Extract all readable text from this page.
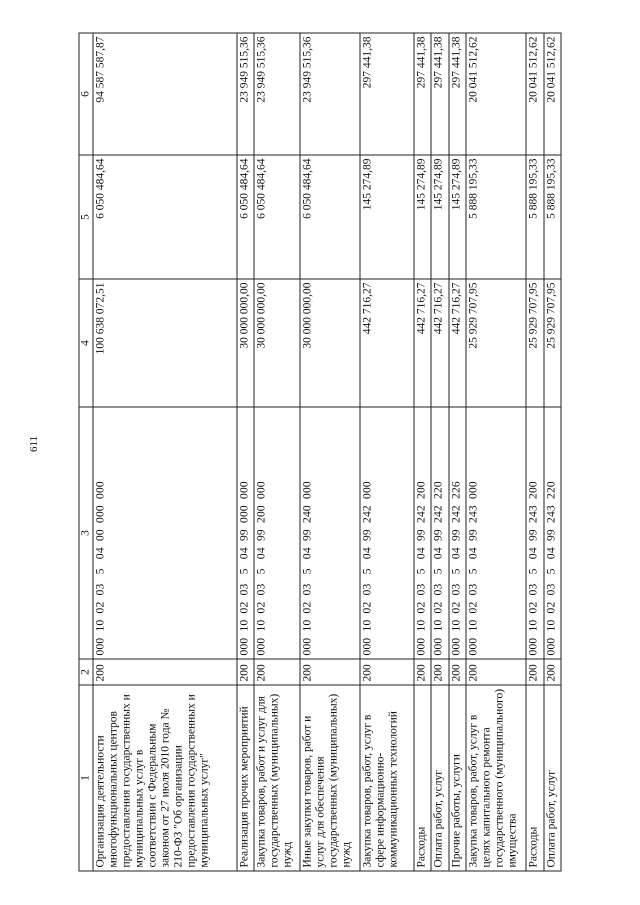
611
1	2	3	4	5	6
Организация деятельности многофункциональных центров предоставления государственных и муниципальных услуг в соответствии с Федеральным законом от 27 июля 2010 года № 210-ФЗ "Об организации предоставления государственных и муниципальных услуг"	200	000  10  02  03   5   04  00  000  000	100 638 072,51	6 050 484,64	94 587 587,87
Реализация прочих мероприятий	200	000  10  02  03   5   04  99  000  000	30 000 000,00	6 050 484,64	23 949 515,36
Закупка товаров, работ и услуг для государственных (муниципальных) нужд	200	000  10  02  03   5   04  99  200  000	30 000 000,00	6 050 484,64	23 949 515,36
Иные закупки товаров, работ и услуг для обеспечения государственных (муниципальных) нужд	200	000  10  02  03   5   04  99  240  000	30 000 000,00	6 050 484,64	23 949 515,36
Закупка товаров, работ, услуг в сфере информационно-коммуникационных технологий	200	000  10  02  03   5   04  99  242  000	442 716,27	145 274,89	297 441,38
Расходы	200	000  10  02  03   5   04  99  242  200	442 716,27	145 274,89	297 441,38
Оплата работ, услуг	200	000  10  02  03   5   04  99  242  220	442 716,27	145 274,89	297 441,38
Прочие работы, услуги	200	000  10  02  03   5   04  99  242  226	442 716,27	145 274,89	297 441,38
Закупка товаров, работ, услуг в целях капитального ремонта государственного (муниципального) имущества	200	000  10  02  03   5   04  99  243  000	25 929 707,95	5 888 195,33	20 041 512,62
Расходы	200	000  10  02  03   5   04  99  243  200	25 929 707,95	5 888 195,33	20 041 512,62
Оплата работ, услуг	200	000  10  02  03   5   04  99  243  220	25 929 707,95	5 888 195,33	20 041 512,62
